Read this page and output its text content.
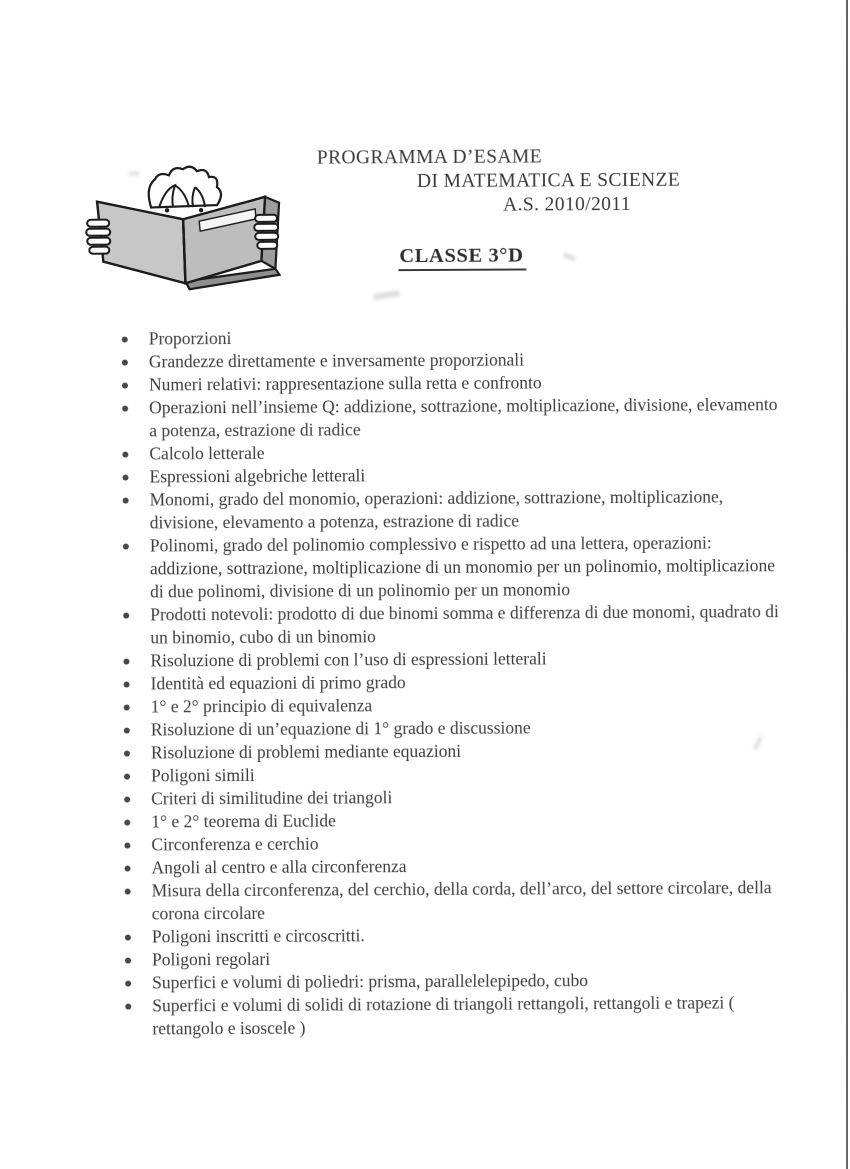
PROGRAMMA D’ESAME
DI MATEMATICA E SCIENZE
A.S. 2010/2011
CLASSE 3°D
Proporzioni
Grandezze direttamente e inversamente proporzionali
Numeri relativi: rappresentazione sulla retta e confronto
Operazioni nell’insieme Q: addizione, sottrazione, moltiplicazione, divisione, elevamento a potenza, estrazione di radice
Calcolo letterale
Espressioni algebriche letterali
Monomi, grado del monomio, operazioni: addizione, sottrazione, moltiplicazione, divisione, elevamento a potenza, estrazione di radice
Polinomi, grado del polinomio complessivo e rispetto ad una lettera, operazioni: addizione, sottrazione, moltiplicazione di un monomio per un polinomio, moltiplicazione di due polinomi, divisione di un polinomio per un monomio
Prodotti notevoli: prodotto di due binomi somma e differenza di due monomi, quadrato di un binomio, cubo di un binomio
Risoluzione di problemi con l’uso di espressioni letterali
Identità ed equazioni di primo grado
1° e 2° principio di equivalenza
Risoluzione di un’equazione di 1° grado e discussione
Risoluzione di problemi mediante equazioni
Poligoni simili
Criteri di similitudine dei triangoli
1° e 2° teorema di Euclide
Circonferenza e cerchio
Angoli al centro e alla circonferenza
Misura della circonferenza, del cerchio, della corda, dell’arco, del settore circolare, della corona circolare
Poligoni inscritti e circoscritti.
Poligoni regolari
Superfici e volumi di poliedri: prisma, parallelelepipedo, cubo
Superfici e volumi di solidi di rotazione di triangoli rettangoli, rettangoli e trapezi ( rettangolo e isoscele )
